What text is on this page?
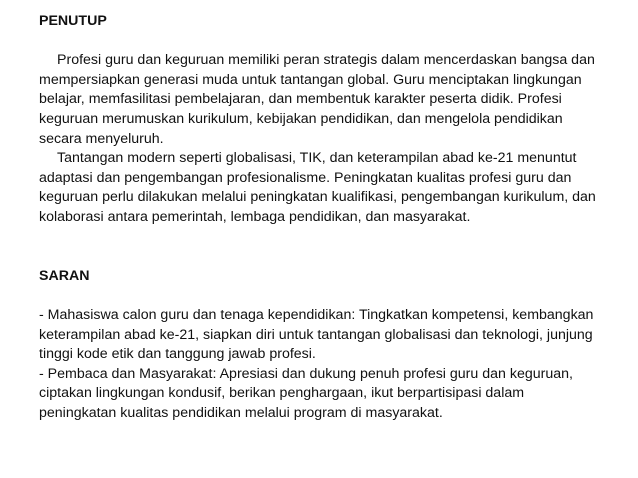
PENUTUP

Profesi guru dan keguruan memiliki peran strategis dalam mencerdaskan bangsa dan mempersiapkan generasi muda untuk tantangan global. Guru menciptakan lingkungan belajar, memfasilitasi pembelajaran, dan membentuk karakter peserta didik. Profesi keguruan merumuskan kurikulum, kebijakan pendidikan, dan mengelola pendidikan secara menyeluruh.

Tantangan modern seperti globalisasi, TIK, dan keterampilan abad ke-21 menuntut adaptasi dan pengembangan profesionalisme. Peningkatan kualitas profesi guru dan keguruan perlu dilakukan melalui peningkatan kualifikasi, pengembangan kurikulum, dan kolaborasi antara pemerintah, lembaga pendidikan, dan masyarakat.

SARAN

- Mahasiswa calon guru dan tenaga kependidikan: Tingkatkan kompetensi, kembangkan keterampilan abad ke-21, siapkan diri untuk tantangan globalisasi dan teknologi, junjung tinggi kode etik dan tanggung jawab profesi.

- Pembaca dan Masyarakat: Apresiasi dan dukung penuh profesi guru dan keguruan, ciptakan lingkungan kondusif, berikan penghargaan, ikut berpartisipasi dalam peningkatan kualitas pendidikan melalui program di masyarakat.
